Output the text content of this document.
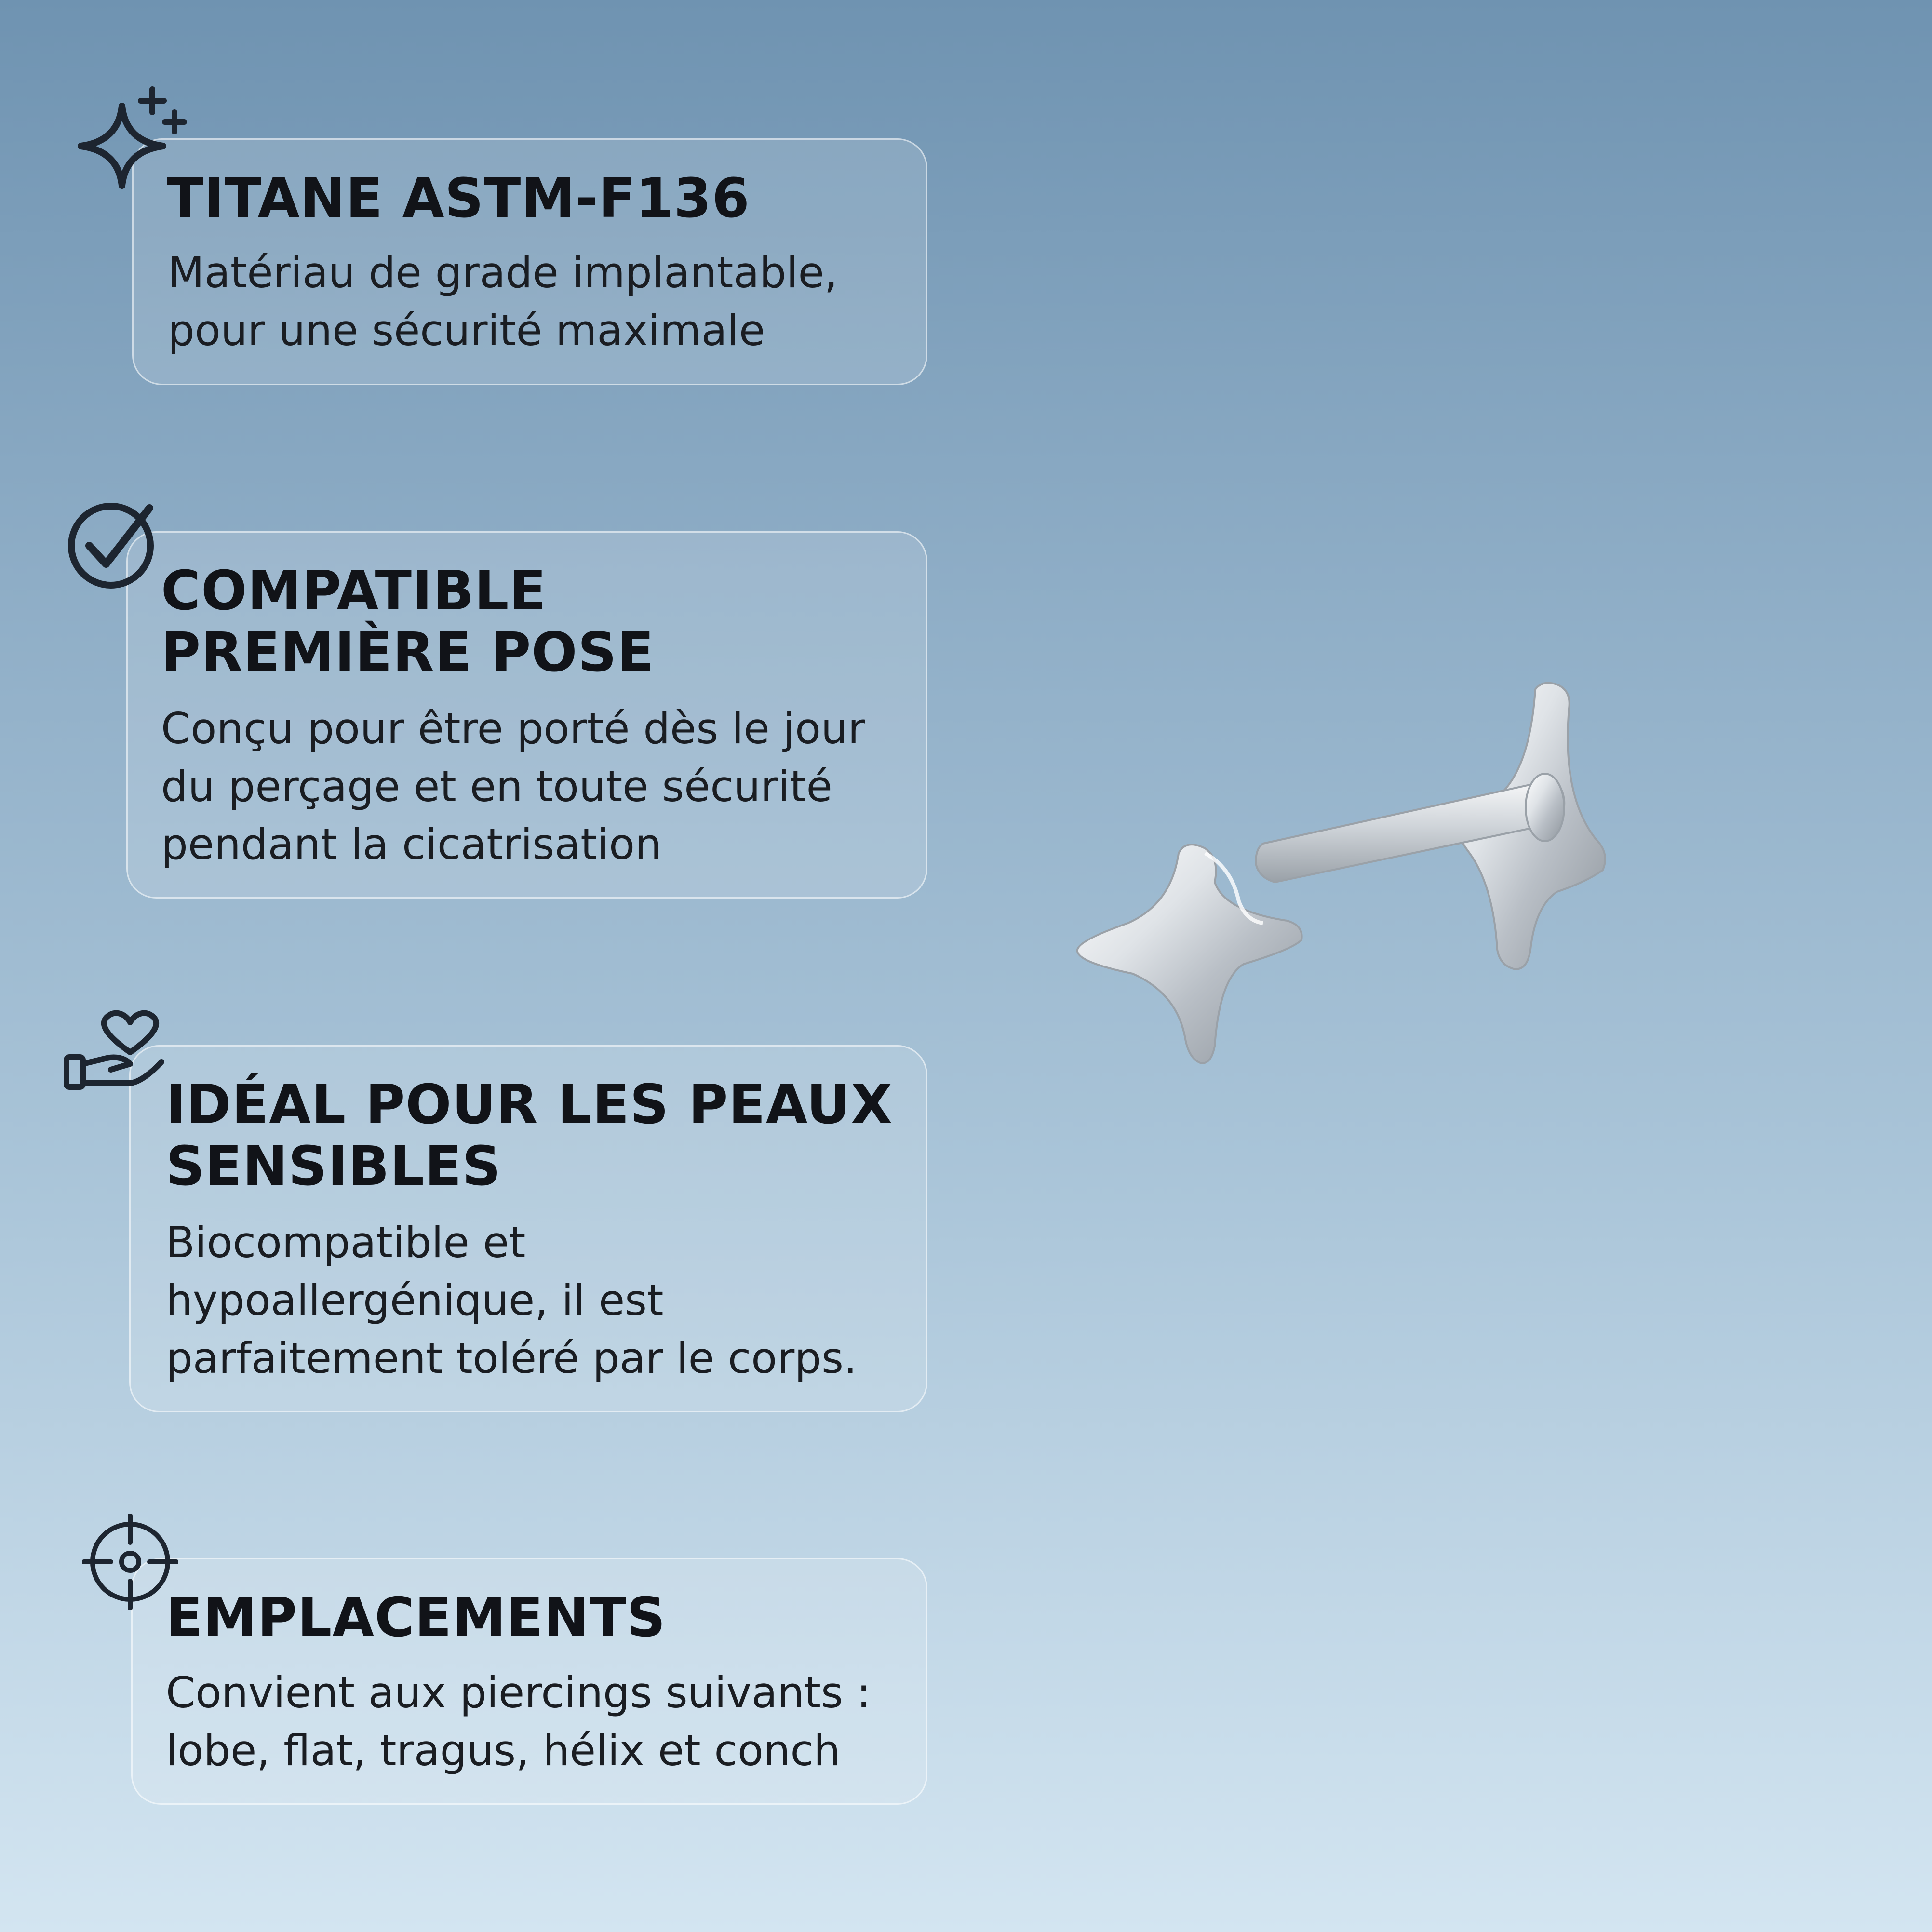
TITANE ASTM-F136

Matériau de grade implantable,
pour une sécurité maximale

COMPATIBLE
PREMIÈRE POSE

Conçu pour être porté dès le jour
du perçage et en toute sécurité
pendant la cicatrisation

IDÉAL POUR LES PEAUX
SENSIBLES

Biocompatible et
hypoallergénique, il est
parfaitement toléré par le corps.

EMPLACEMENTS

Convient aux piercings suivants :
lobe, flat, tragus, hélix et conch
